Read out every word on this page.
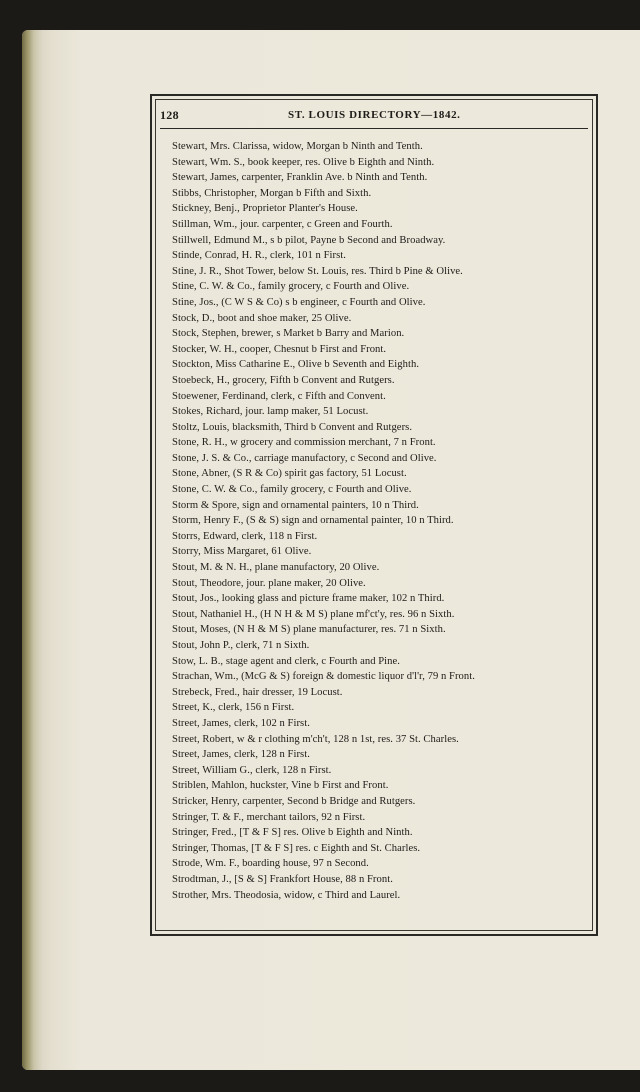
128	ST. LOUIS DIRECTORY—1842.
Stewart, Mrs. Clarissa, widow, Morgan b Ninth and Tenth.
Stewart, Wm. S., book keeper, res. Olive b Eighth and Ninth.
Stewart, James, carpenter, Franklin Ave. b Ninth and Tenth.
Stibbs, Christopher, Morgan b Fifth and Sixth.
Stickney, Benj., Proprietor Planter's House.
Stillman, Wm., jour. carpenter, c Green and Fourth.
Stillwell, Edmund M., s b pilot, Payne b Second and Broadway.
Stinde, Conrad, H. R., clerk, 101 n First.
Stine, J. R., Shot Tower, below St. Louis, res. Third b Pine & Olive.
Stine, C. W. & Co., family grocery, c Fourth and Olive.
Stine, Jos., (C W S & Co) s b engineer, c Fourth and Olive.
Stock, D., boot and shoe maker, 25 Olive.
Stock, Stephen, brewer, s Market b Barry and Marion.
Stocker, W. H., cooper, Chesnut b First and Front.
Stockton, Miss Catharine E., Olive b Seventh and Eighth.
Stoebeck, H., grocery, Fifth b Convent and Rutgers.
Stoewener, Ferdinand, clerk, c Fifth and Convent.
Stokes, Richard, jour. lamp maker, 51 Locust.
Stoltz, Louis, blacksmith, Third b Convent and Rutgers.
Stone, R. H., w grocery and commission merchant, 7 n Front.
Stone, J. S. & Co., carriage manufactory, c Second and Olive.
Stone, Abner, (S R & Co) spirit gas factory, 51 Locust.
Stone, C. W. & Co., family grocery, c Fourth and Olive.
Storm & Spore, sign and ornamental painters, 10 n Third.
Storm, Henry F., (S & S) sign and ornamental painter, 10 n Third.
Storrs, Edward, clerk, 118 n First.
Storry, Miss Margaret, 61 Olive.
Stout, M. & N. H., plane manufactory, 20 Olive.
Stout, Theodore, jour. plane maker, 20 Olive.
Stout, Jos., looking glass and picture frame maker, 102 n Third.
Stout, Nathaniel H., (H N H & M S) plane mf'ct'y, res. 96 n Sixth.
Stout, Moses, (N H & M S) plane manufacturer, res. 71 n Sixth.
Stout, John P., clerk, 71 n Sixth.
Stow, L. B., stage agent and clerk, c Fourth and Pine.
Strachan, Wm., (McG & S) foreign & domestic liquor d'l'r, 79 n Front.
Strebeck, Fred., hair dresser, 19 Locust.
Street, K., clerk, 156 n First.
Street, James, clerk, 102 n First.
Street, Robert, w & r clothing m'ch't, 128 n 1st, res. 37 St. Charles.
Street, James, clerk, 128 n First.
Street, William G., clerk, 128 n First.
Striblen, Mahlon, huckster, Vine b First and Front.
Stricker, Henry, carpenter, Second b Bridge and Rutgers.
Stringer, T. & F., merchant tailors, 92 n First.
Stringer, Fred., [T & F S] res. Olive b Eighth and Ninth.
Stringer, Thomas, [T & F S] res. c Eighth and St. Charles.
Strode, Wm. F., boarding house, 97 n Second.
Strodtman, J., [S & S] Frankfort House, 88 n Front.
Strother, Mrs. Theodosia, widow, c Third and Laurel.
